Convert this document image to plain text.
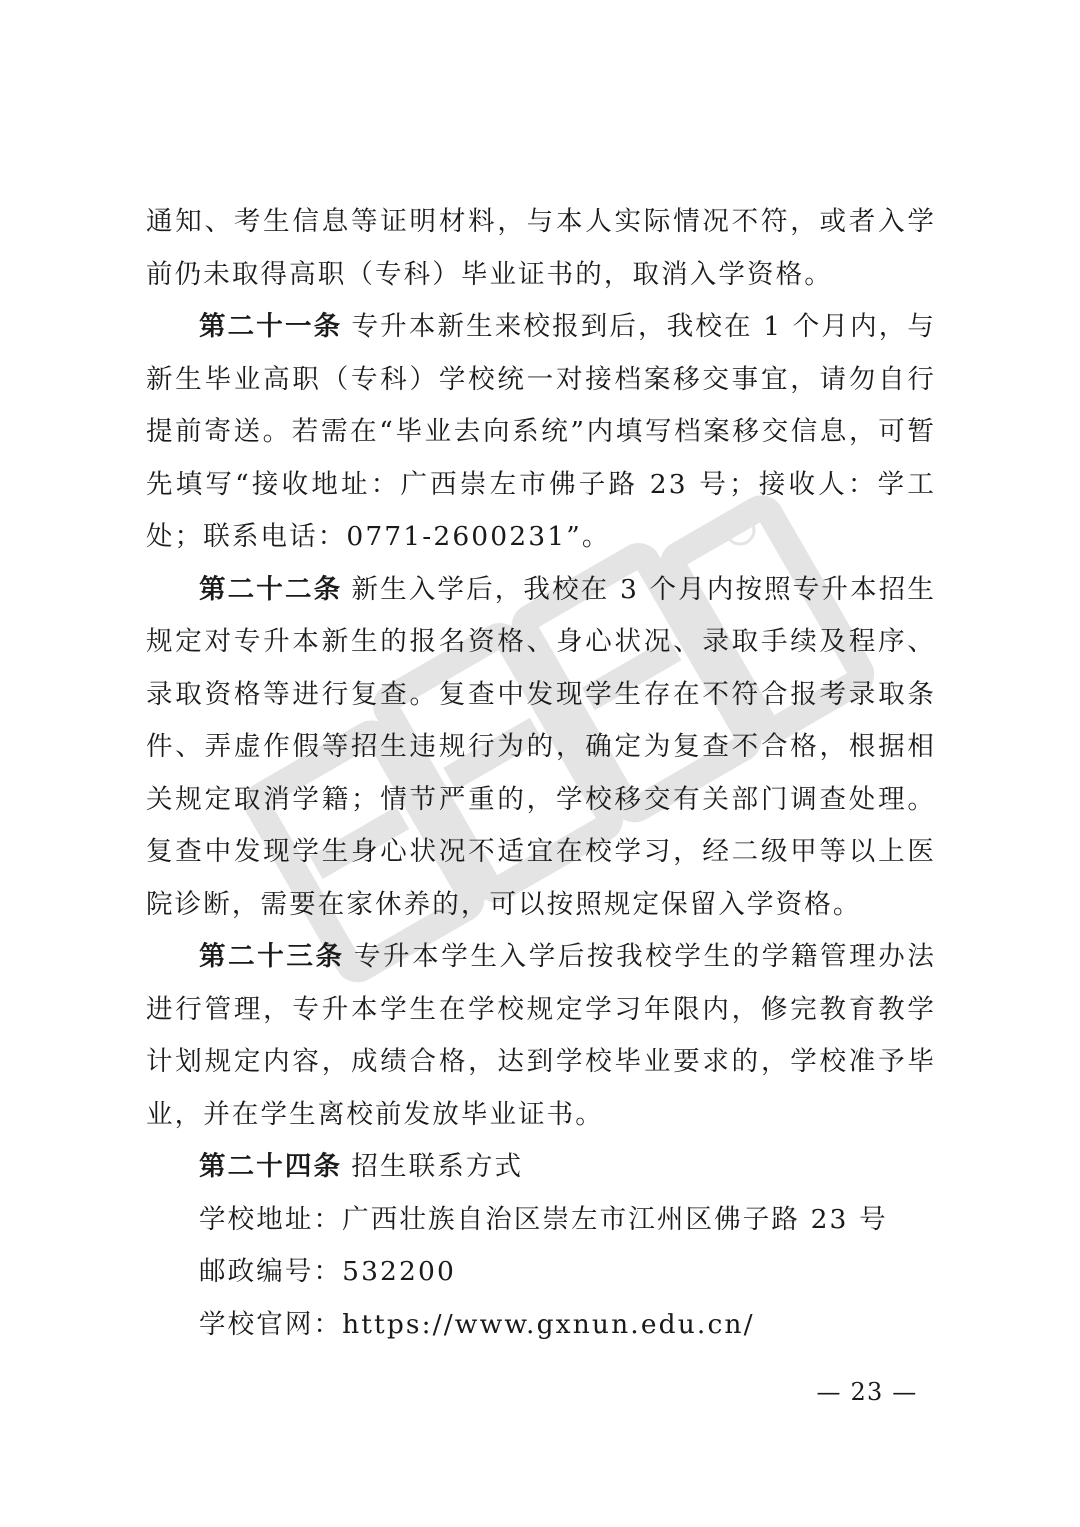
通知、考生信息等证明材料，与本人实际情况不符，或者入学前仍未取得高职（专科）毕业证书的，取消入学资格。

第二十一条 专升本新生来校报到后，我校在 1 个月内，与新生毕业高职（专科）学校统一对接档案移交事宜，请勿自行提前寄送。若需在“毕业去向系统”内填写档案移交信息，可暂先填写“接收地址：广西崇左市佛子路 23 号；接收人：学工处；联系电话：0771-2600231”。

第二十二条 新生入学后，我校在 3 个月内按照专升本招生规定对专升本新生的报名资格、身心状况、录取手续及程序、录取资格等进行复查。复查中发现学生存在不符合报考录取条件、弄虚作假等招生违规行为的，确定为复查不合格，根据相关规定取消学籍；情节严重的，学校移交有关部门调查处理。复查中发现学生身心状况不适宜在校学习，经二级甲等以上医院诊断，需要在家休养的，可以按照规定保留入学资格。

第二十三条 专升本学生入学后按我校学生的学籍管理办法进行管理，专升本学生在学校规定学习年限内，修完教育教学计划规定内容，成绩合格，达到学校毕业要求的，学校准予毕业，并在学生离校前发放毕业证书。

第二十四条 招生联系方式

学校地址：广西壮族自治区崇左市江州区佛子路 23 号

邮政编号：532200

学校官网：https://www.gxnun.edu.cn/

— 23 —
